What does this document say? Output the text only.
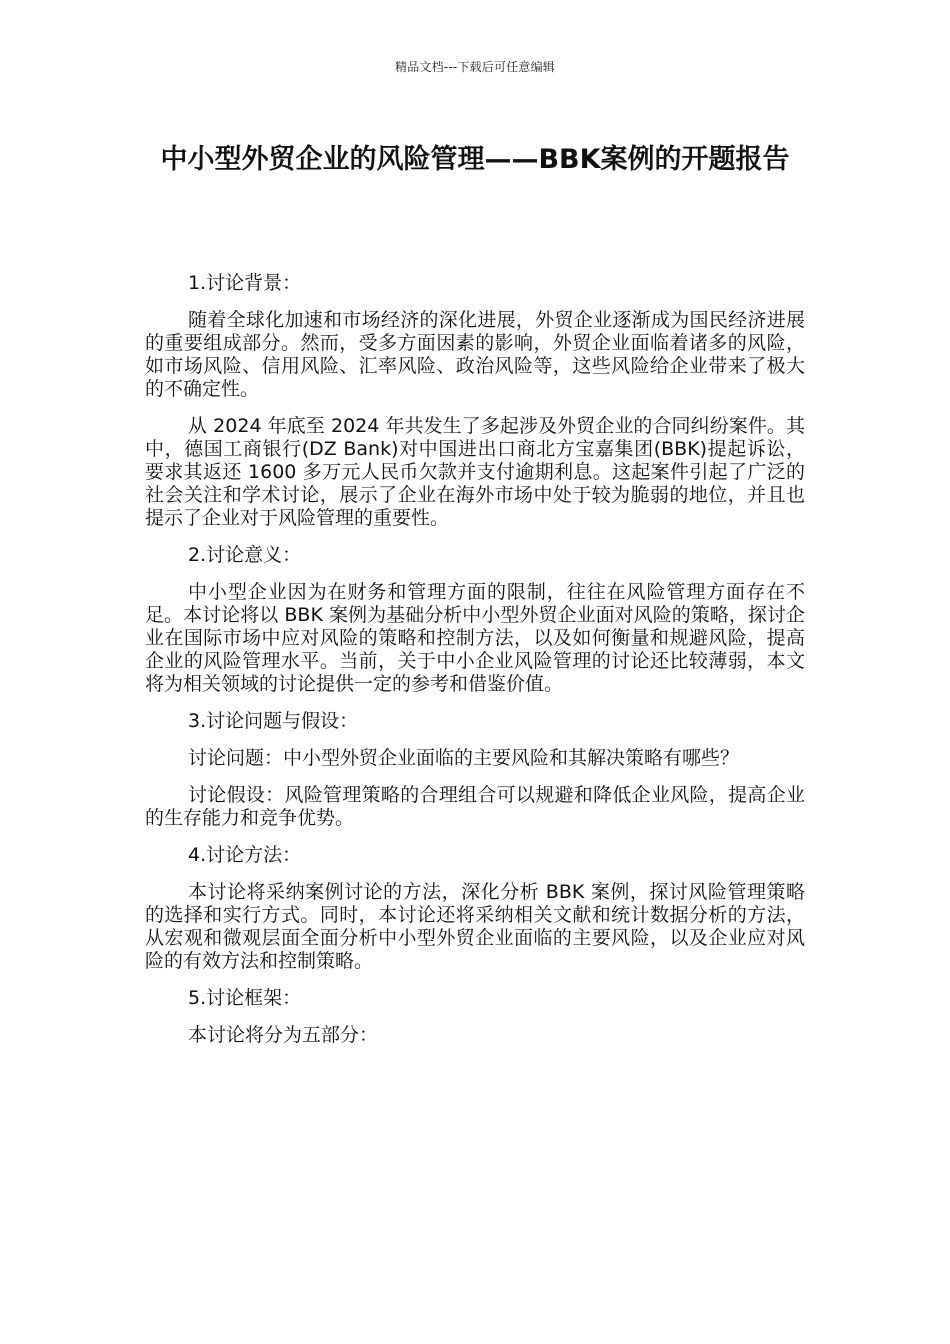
精品文档---下载后可任意编辑
中小型外贸企业的风险管理——BBK案例的开题报告

1.讨论背景：

随着全球化加速和市场经济的深化进展，外贸企业逐渐成为国民经济进展的重要组成部分。然而，受多方面因素的影响，外贸企业面临着诸多的风险，如市场风险、信用风险、汇率风险、政治风险等，这些风险给企业带来了极大的不确定性。

从 2024 年底至 2024 年共发生了多起涉及外贸企业的合同纠纷案件。其中，德国工商银行(DZ Bank)对中国进出口商北方宝嘉集团(BBK)提起诉讼，要求其返还 1600 多万元人民币欠款并支付逾期利息。这起案件引起了广泛的社会关注和学术讨论，展示了企业在海外市场中处于较为脆弱的地位，并且也提示了企业对于风险管理的重要性。

2.讨论意义：

中小型企业因为在财务和管理方面的限制，往往在风险管理方面存在不足。本讨论将以 BBK 案例为基础分析中小型外贸企业面对风险的策略，探讨企业在国际市场中应对风险的策略和控制方法，以及如何衡量和规避风险，提高企业的风险管理水平。当前，关于中小企业风险管理的讨论还比较薄弱，本文将为相关领域的讨论提供一定的参考和借鉴价值。

3.讨论问题与假设：

讨论问题：中小型外贸企业面临的主要风险和其解决策略有哪些？

讨论假设：风险管理策略的合理组合可以规避和降低企业风险，提高企业的生存能力和竞争优势。

4.讨论方法：

本讨论将采纳案例讨论的方法，深化分析 BBK 案例，探讨风险管理策略的选择和实行方式。同时，本讨论还将采纳相关文献和统计数据分析的方法，从宏观和微观层面全面分析中小型外贸企业面临的主要风险，以及企业应对风险的有效方法和控制策略。

5.讨论框架：

本讨论将分为五部分：
